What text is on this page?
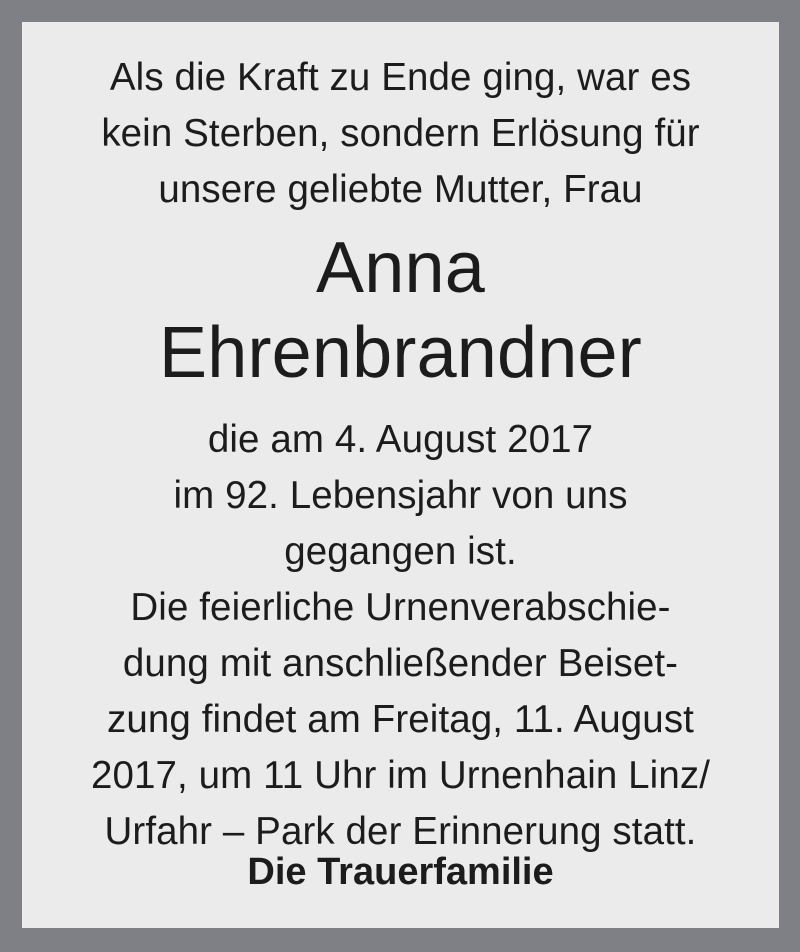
Als die Kraft zu Ende ging, war es
kein Sterben, sondern Erlösung für
unsere geliebte Mutter, Frau
Anna
Ehrenbrandner
die am 4. August 2017
im 92. Lebensjahr von uns
gegangen ist.
Die feierliche Urnenverabschie-
dung mit anschließender Beiset-
zung findet am Freitag, 11. August
2017, um 11 Uhr im Urnenhain Linz/
Urfahr – Park der Erinnerung statt.
Die Trauerfamilie
